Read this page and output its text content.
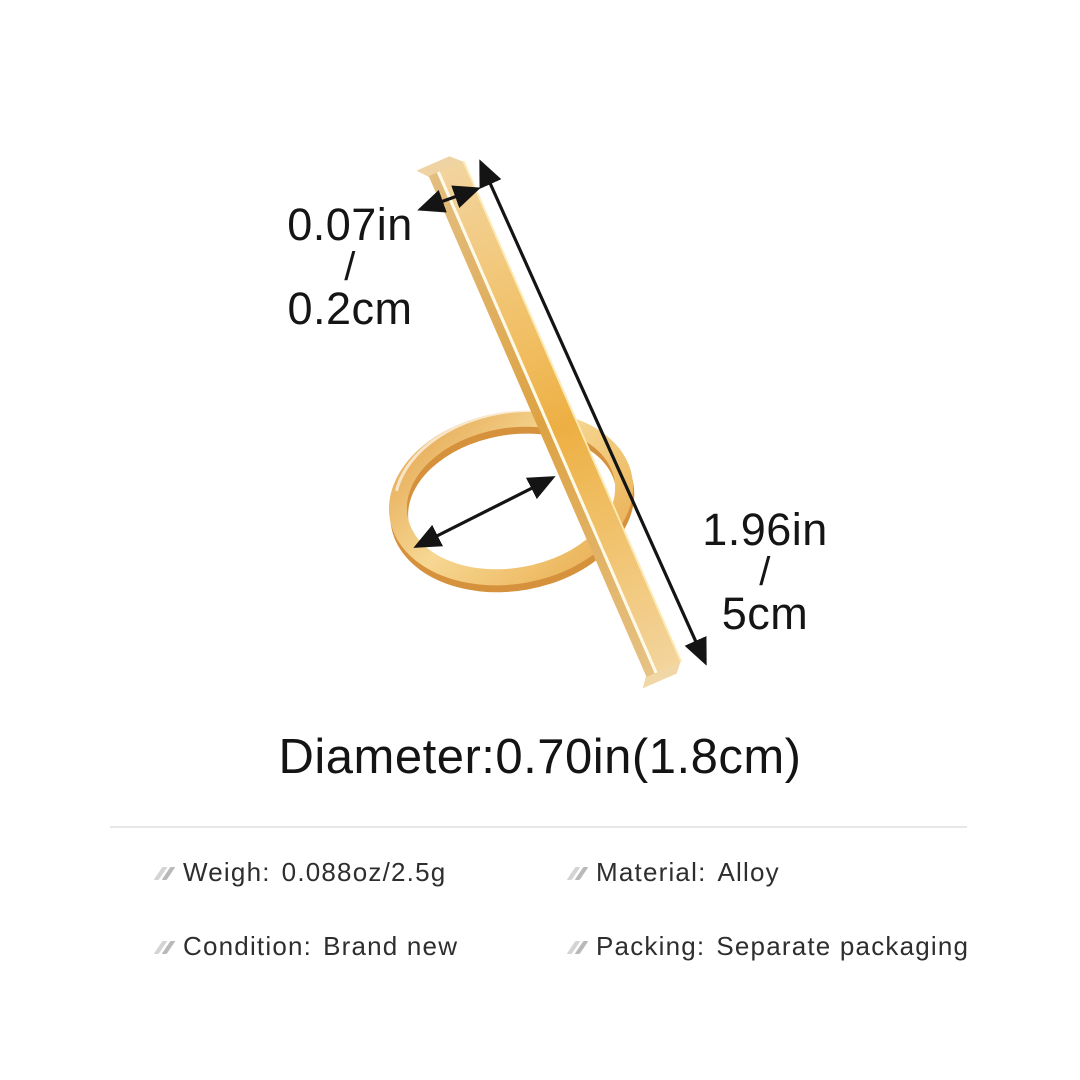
0.07in
/
0.2cm
1.96in
/
5cm
Diameter:0.70in(1.8cm)
Weigh: 0.088oz/2.5g	Material: Alloy
Condition: Brand new	Packing: Separate packaging
